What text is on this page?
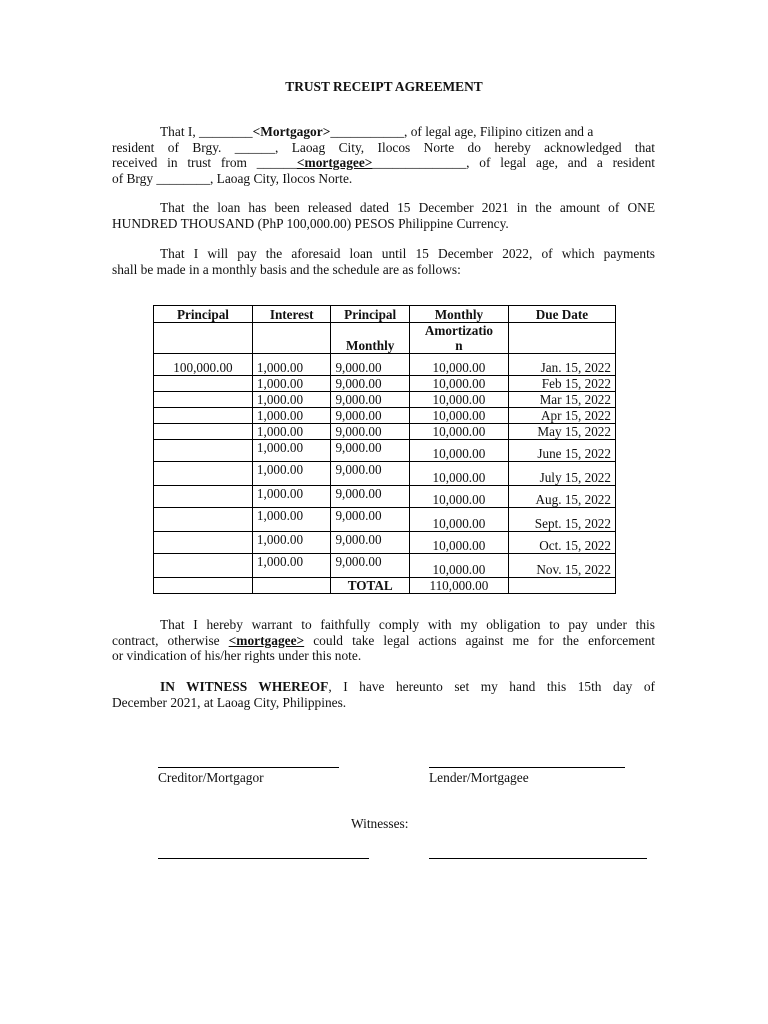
TRUST RECEIPT AGREEMENT
That I, ________<Mortgagor>___________, of legal age, Filipino citizen and a
resident of Brgy. ______, Laoag City, Ilocos Norte do hereby acknowledged that
received in trust from ______<mortgagee>______________, of legal age, and a resident
of Brgy ________, Laoag City, Ilocos Norte.
That the loan has been released dated 15 December 2021 in the amount of ONE
HUNDRED THOUSAND (PhP 100,000.00) PESOS Philippine Currency.
That I will pay the aforesaid loan until 15 December 2022, of which payments
shall be made in a monthly basis and the schedule are as follows:
Principal	Interest	Principal	Monthly	Due Date
		Monthly	Amortizatio
n	
100,000.00	1,000.00	9,000.00	10,000.00	Jan. 15, 2022
	1,000.00	9,000.00	10,000.00	Feb 15, 2022
	1,000.00	9,000.00	10,000.00	Mar 15, 2022
	1,000.00	9,000.00	10,000.00	Apr 15, 2022
	1,000.00	9,000.00	10,000.00	May 15, 2022
	1,000.00	9,000.00	10,000.00	June 15, 2022
	1,000.00	9,000.00	10,000.00	July 15, 2022
	1,000.00	9,000.00	10,000.00	Aug. 15, 2022
	1,000.00	9,000.00	10,000.00	Sept. 15, 2022
	1,000.00	9,000.00	10,000.00	Oct. 15, 2022
	1,000.00	9,000.00	10,000.00	Nov. 15, 2022
		TOTAL	110,000.00	
That I hereby warrant to faithfully comply with my obligation to pay under this
contract, otherwise <mortgagee> could take legal actions against me for the enforcement
or vindication of his/her rights under this note.
IN WITNESS WHEREOF, I have hereunto set my hand this 15th day of
December 2021, at Laoag City, Philippines.
Creditor/Mortgagor	Lender/Mortgagee
Witnesses:
